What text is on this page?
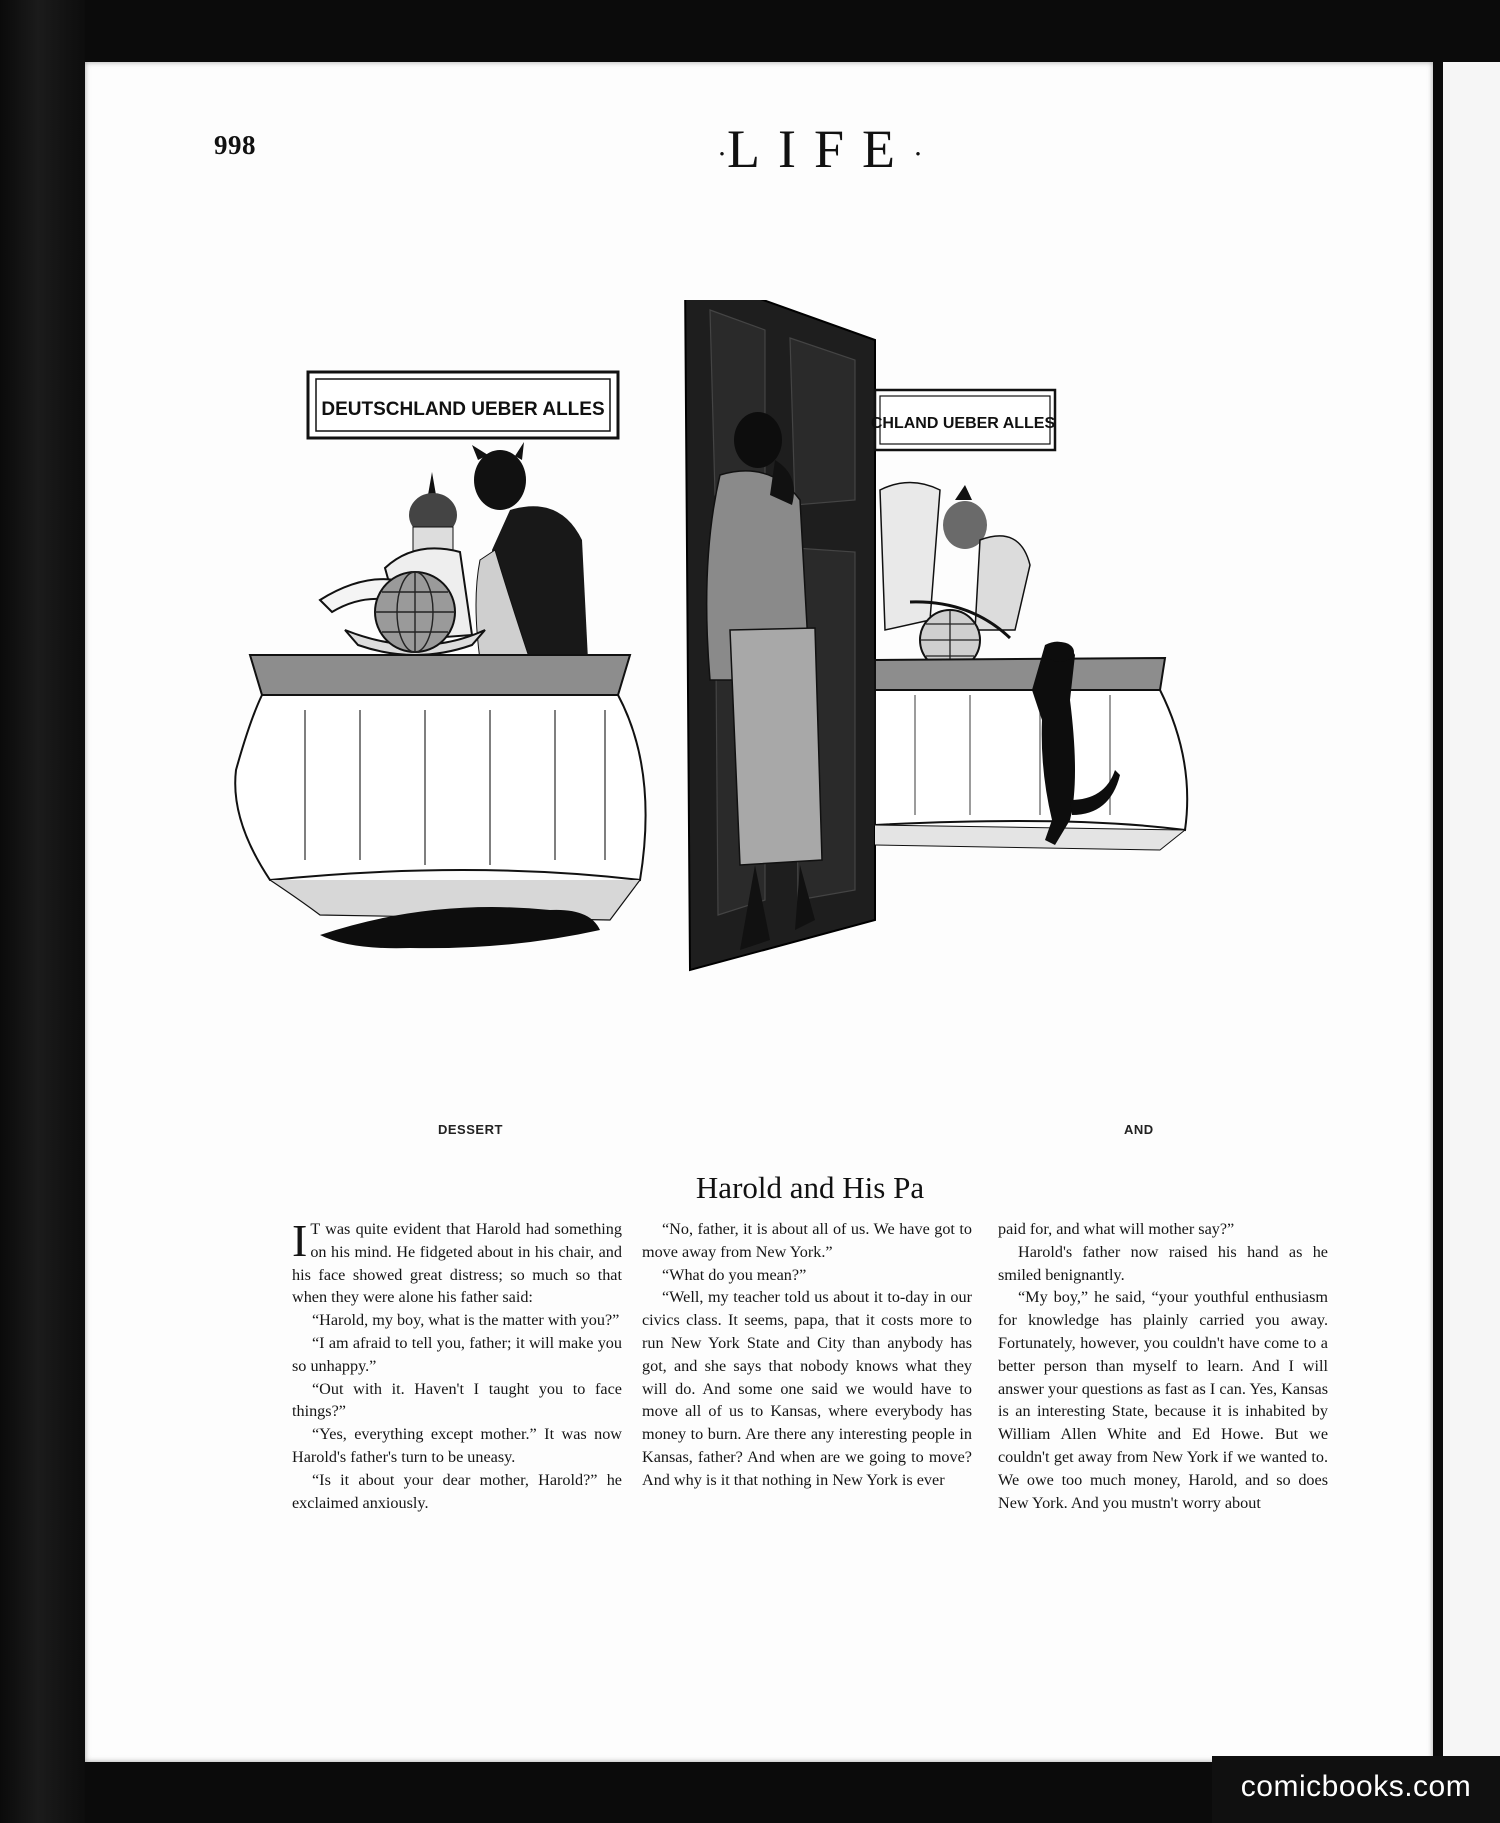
998	·LIFE·
DEUTSCHLAND UEBER ALLES
CHLAND UEBER ALLES
DESSERT	AND
Harold and His Pa

I T was quite evident that Harold had something on his mind. He fidgeted about in his chair, and his face showed great distress; so much so that when they were alone his father said:

“Harold, my boy, what is the matter with you?”

“I am afraid to tell you, father; it will make you so unhappy.”

“Out with it. Haven't I taught you to face things?”

“Yes, everything except mother.” It was now Harold's father's turn to be uneasy.

“Is it about your dear mother, Harold?” he exclaimed anxiously.

“No, father, it is about all of us. We have got to move away from New York.”

“What do you mean?”

“Well, my teacher told us about it to-day in our civics class. It seems, papa, that it costs more to run New York State and City than anybody has got, and she says that nobody knows what they will do. And some one said we would have to move all of us to Kansas, where everybody has money to burn. Are there any interesting people in Kansas, father? And when are we going to move? And why is it that nothing in New York is ever

paid for, and what will mother say?”

Harold's father now raised his hand as he smiled benignantly.

“My boy,” he said, “your youthful enthusiasm for knowledge has plainly carried you away. Fortunately, however, you couldn't have come to a better person than myself to learn. And I will answer your questions as fast as I can. Yes, Kansas is an interesting State, because it is inhabited by William Allen White and Ed Howe. But we couldn't get away from New York if we wanted to. We owe too much money, Harold, and so does New York. And you mustn't worry about

comicbooks.com
